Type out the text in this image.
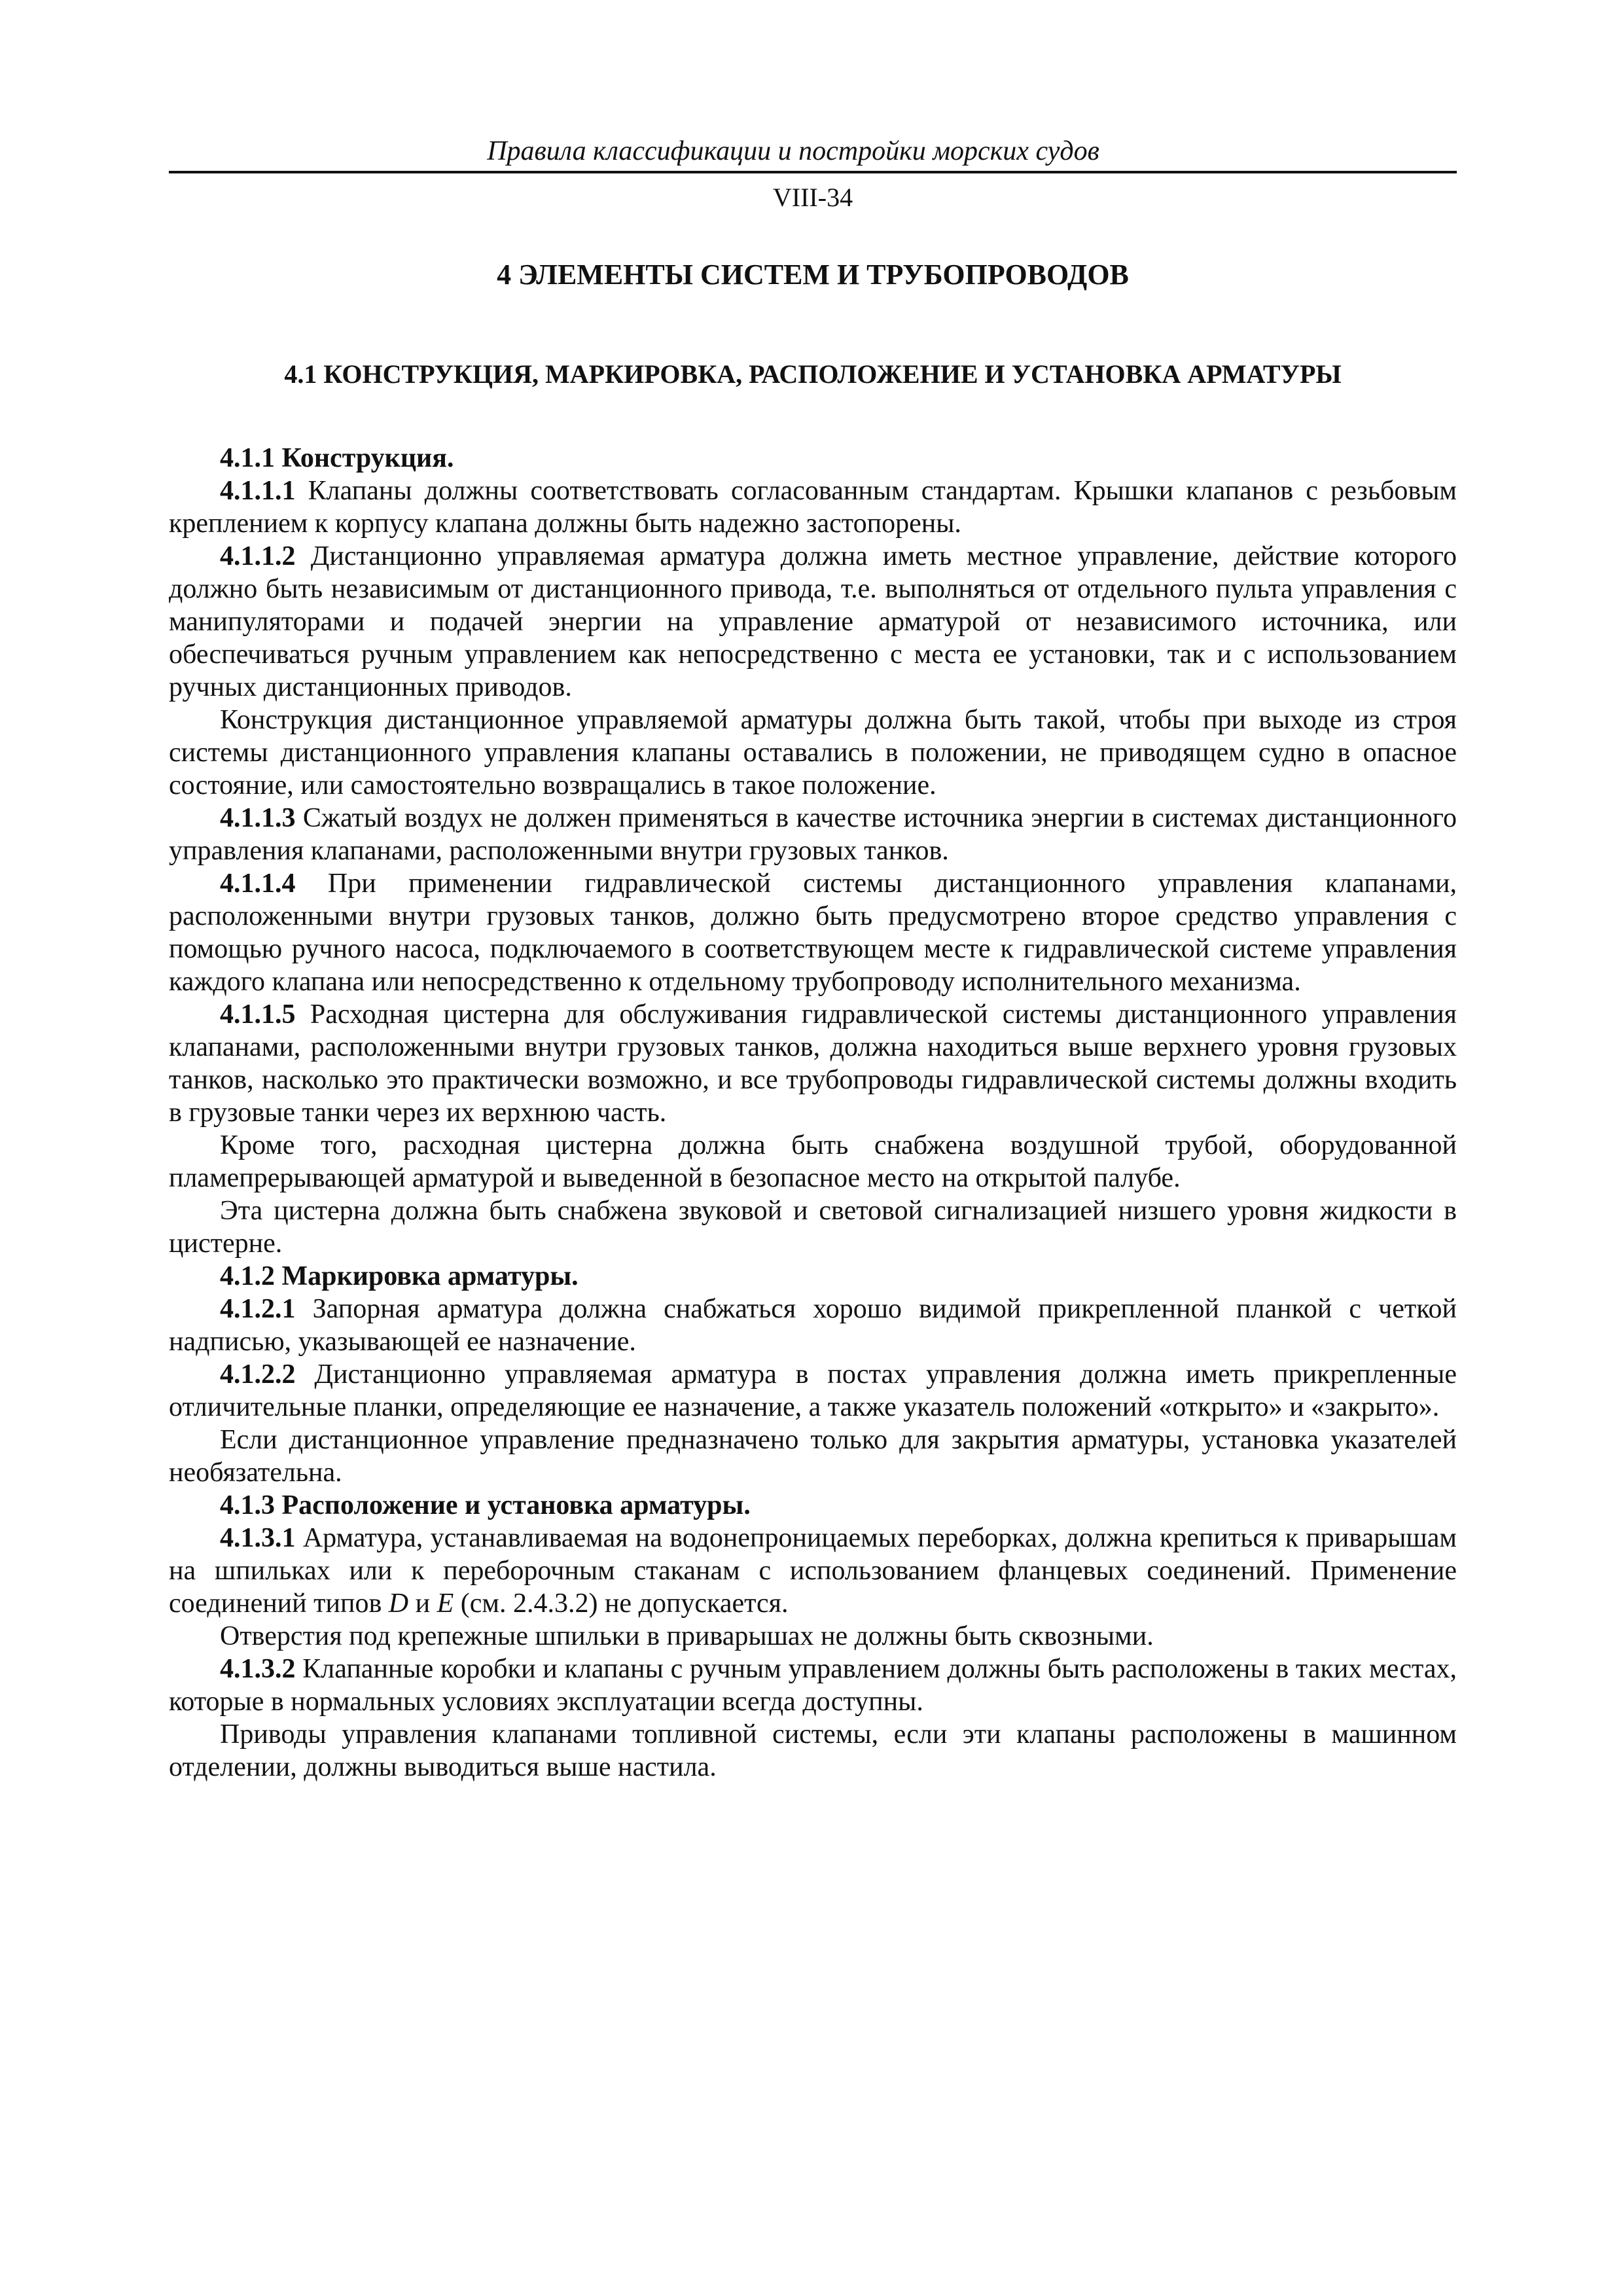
Правила классификации и постройки морских судов
VIII-34
4 ЭЛЕМЕНТЫ СИСТЕМ И ТРУБОПРОВОДОВ
4.1 КОНСТРУКЦИЯ, МАРКИРОВКА, РАСПОЛОЖЕНИЕ И УСТАНОВКА АРМАТУРЫ

4.1.1 Конструкция.

4.1.1.1 Клапаны должны соответствовать согласованным стандартам. Крышки клапанов с резьбовым креплением к корпусу клапана должны быть надежно застопорены.

4.1.1.2 Дистанционно управляемая арматура должна иметь местное управление, действие которого должно быть независимым от дистанционного привода, т.е. выполняться от отдельного пульта управления с манипуляторами и подачей энергии на управление арматурой от независимого источника, или обеспечиваться ручным управлением как непосредственно с места ее установки, так и с использованием ручных дистанционных приводов.

Конструкция дистанционное управляемой арматуры должна быть такой, чтобы при выходе из строя системы дистанционного управления клапаны оставались в положении, не приводящем судно в опасное состояние, или самостоятельно возвращались в такое положение.

4.1.1.3 Сжатый воздух не должен применяться в качестве источника энергии в системах дистанционного управления клапанами, расположенными внутри грузовых танков.

4.1.1.4 При применении гидравлической системы дистанционного управления клапанами, расположенными внутри грузовых танков, должно быть предусмотрено второе средство управления с помощью ручного насоса, подключаемого в соответствующем месте к гидравлической системе управления каждого клапана или непосредственно к отдельному трубопроводу исполнительного механизма.

4.1.1.5 Расходная цистерна для обслуживания гидравлической системы дистанционного управления клапанами, расположенными внутри грузовых танков, должна находиться выше верхнего уровня грузовых танков, насколько это практически возможно, и все трубопроводы гидравлической системы должны входить в грузовые танки через их верхнюю часть.

Кроме того, расходная цистерна должна быть снабжена воздушной трубой, оборудованной пламепрерывающей арматурой и выведенной в безопасное место на открытой палубе.

Эта цистерна должна быть снабжена звуковой и световой сигнализацией низшего уровня жидкости в цистерне.

4.1.2 Маркировка арматуры.

4.1.2.1 Запорная арматура должна снабжаться хорошо видимой прикрепленной планкой с четкой надписью, указывающей ее назначение.

4.1.2.2 Дистанционно управляемая арматура в постах управления должна иметь прикрепленные отличительные планки, определяющие ее назначение, а также указатель положений «открыто» и «закрыто».

Если дистанционное управление предназначено только для закрытия арматуры, установка указателей необязательна.

4.1.3 Расположение и установка арматуры.

4.1.3.1 Арматура, устанавливаемая на водонепроницаемых переборках, должна крепиться к приварышам на шпильках или к переборочным стаканам с использованием фланцевых соединений. Применение соединений типов D и E (см. 2.4.3.2) не допускается.

Отверстия под крепежные шпильки в приварышах не должны быть сквозными.

4.1.3.2 Клапанные коробки и клапаны с ручным управлением должны быть расположены в таких местах, которые в нормальных условиях эксплуатации всегда доступны.

Приводы управления клапанами топливной системы, если эти клапаны расположены в машинном отделении, должны выводиться выше настила.
